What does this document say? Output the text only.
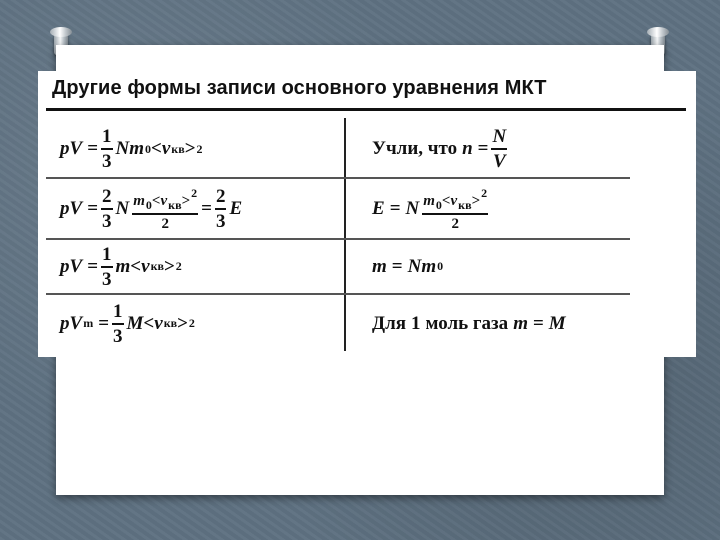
Другие формы записи основного уравнения МКТ
pV = $\frac{1}{3}$ N m 0 < v кв > 2	Учли, что $n = \frac{N}{V}$
pV = $\frac{2}{3}$ N $\frac{m_0<v_{кв}>^2}{2} = \frac{2}{3}$ E	E = N $\frac{m_0<v_{кв}>^2}{2}$
pV = $\frac{1}{3}$ m < v кв > 2	m = N m 0
pV $m = \frac{1}{3}$ M < v кв > 2	Для 1 моль газа m = M
